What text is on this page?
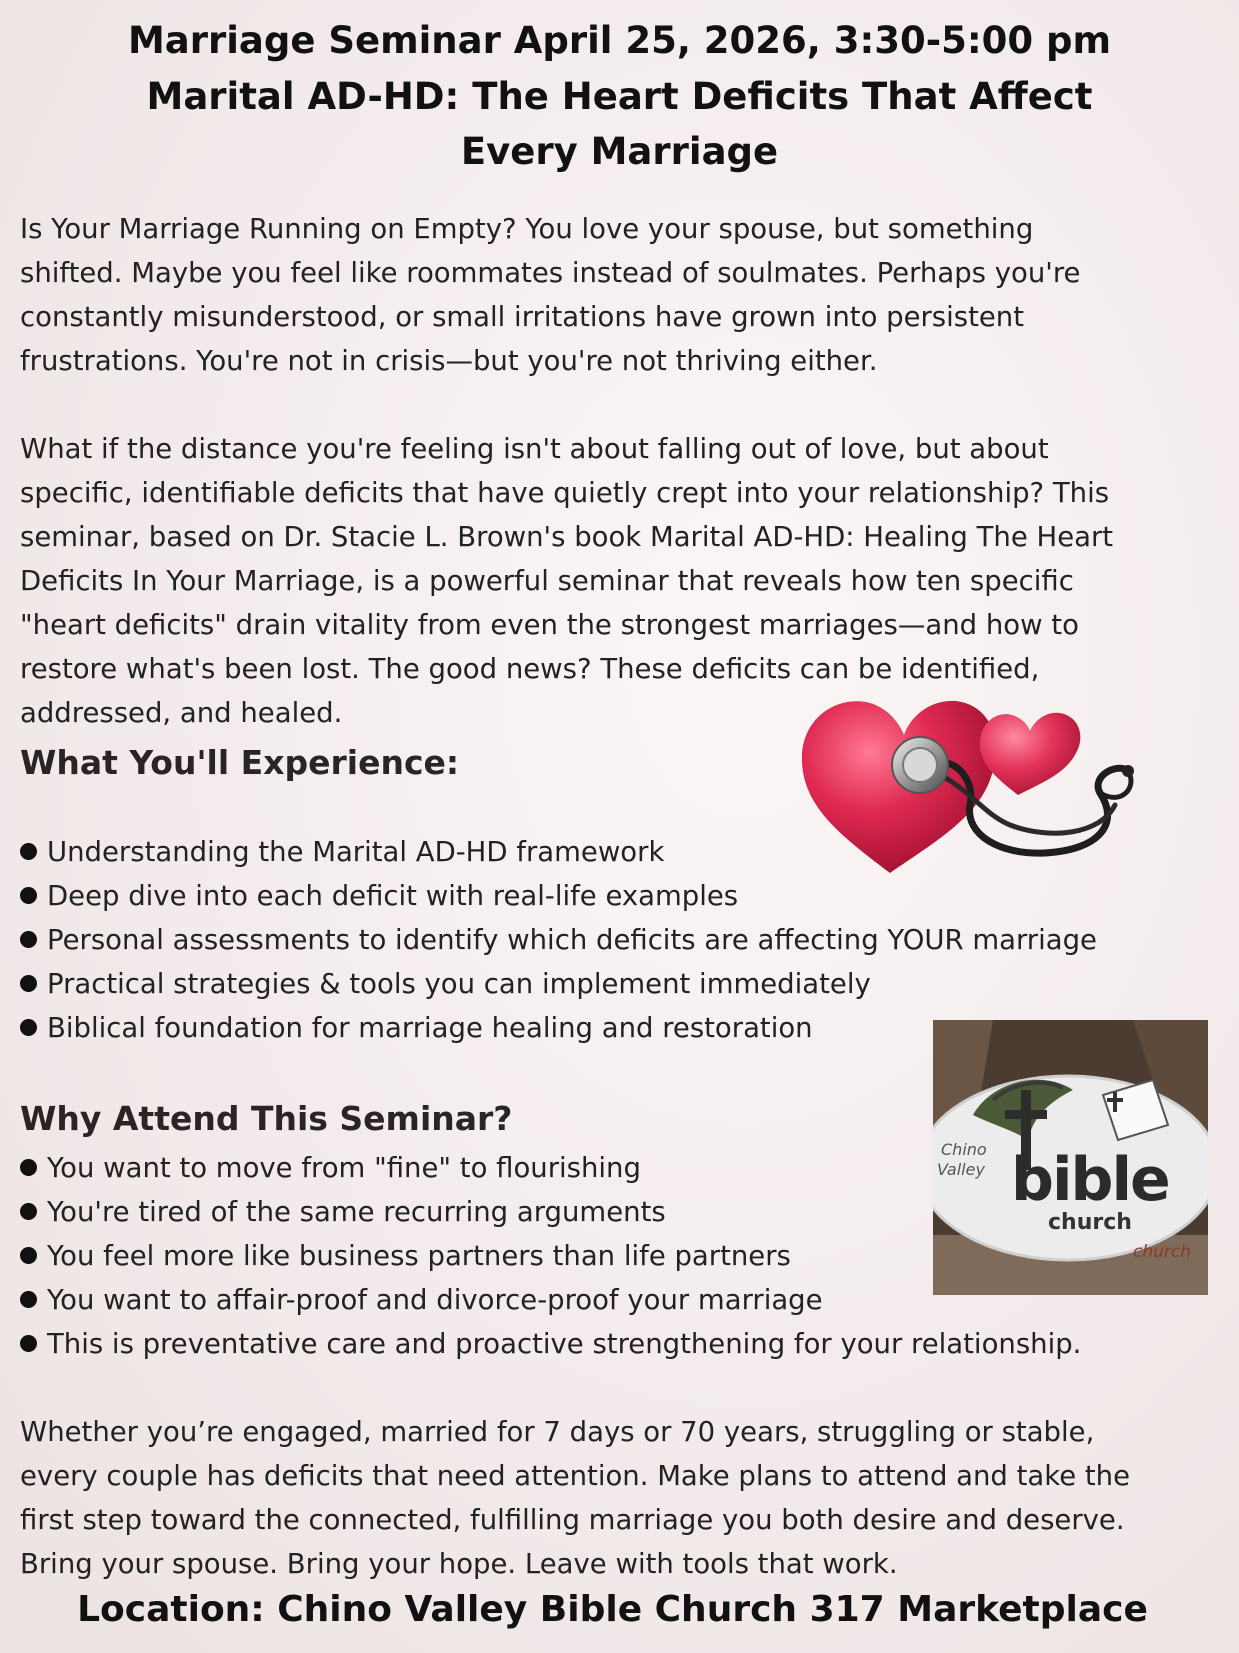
Marriage Seminar April 25, 2026, 3:30-5:00 pm
Marital AD-HD: The Heart Deficits That Affect
Every Marriage
Is Your Marriage Running on Empty? You love your spouse, but something
shifted. Maybe you feel like roommates instead of soulmates. Perhaps you're
constantly misunderstood, or small irritations have grown into persistent
frustrations. You're not in crisis—but you're not thriving either.
What if the distance you're feeling isn't about falling out of love, but about
specific, identifiable deficits that have quietly crept into your relationship? This
seminar, based on Dr. Stacie L. Brown's book Marital AD-HD: Healing The Heart
Deficits In Your Marriage, is a powerful seminar that reveals how ten specific
"heart deficits" drain vitality from even the strongest marriages—and how to
restore what's been lost. The good news? These deficits can be identified,
addressed, and healed.
What You'll Experience:
Understanding the Marital AD-HD framework
Deep dive into each deficit with real-life examples
Personal assessments to identify which deficits are affecting YOUR marriage
Practical strategies & tools you can implement immediately
Biblical foundation for marriage healing and restoration
Chino
Valley bible
church
church
Why Attend This Seminar?
You want to move from "fine" to flourishing
You're tired of the same recurring arguments
You feel more like business partners than life partners
You want to affair-proof and divorce-proof your marriage
This is preventative care and proactive strengthening for your relationship.
Whether you’re engaged, married for 7 days or 70 years, struggling or stable,
every couple has deficits that need attention. Make plans to attend and take the
first step toward the connected, fulfilling marriage you both desire and deserve.
Bring your spouse. Bring your hope. Leave with tools that work.
Location: Chino Valley Bible Church 317 Marketplace
